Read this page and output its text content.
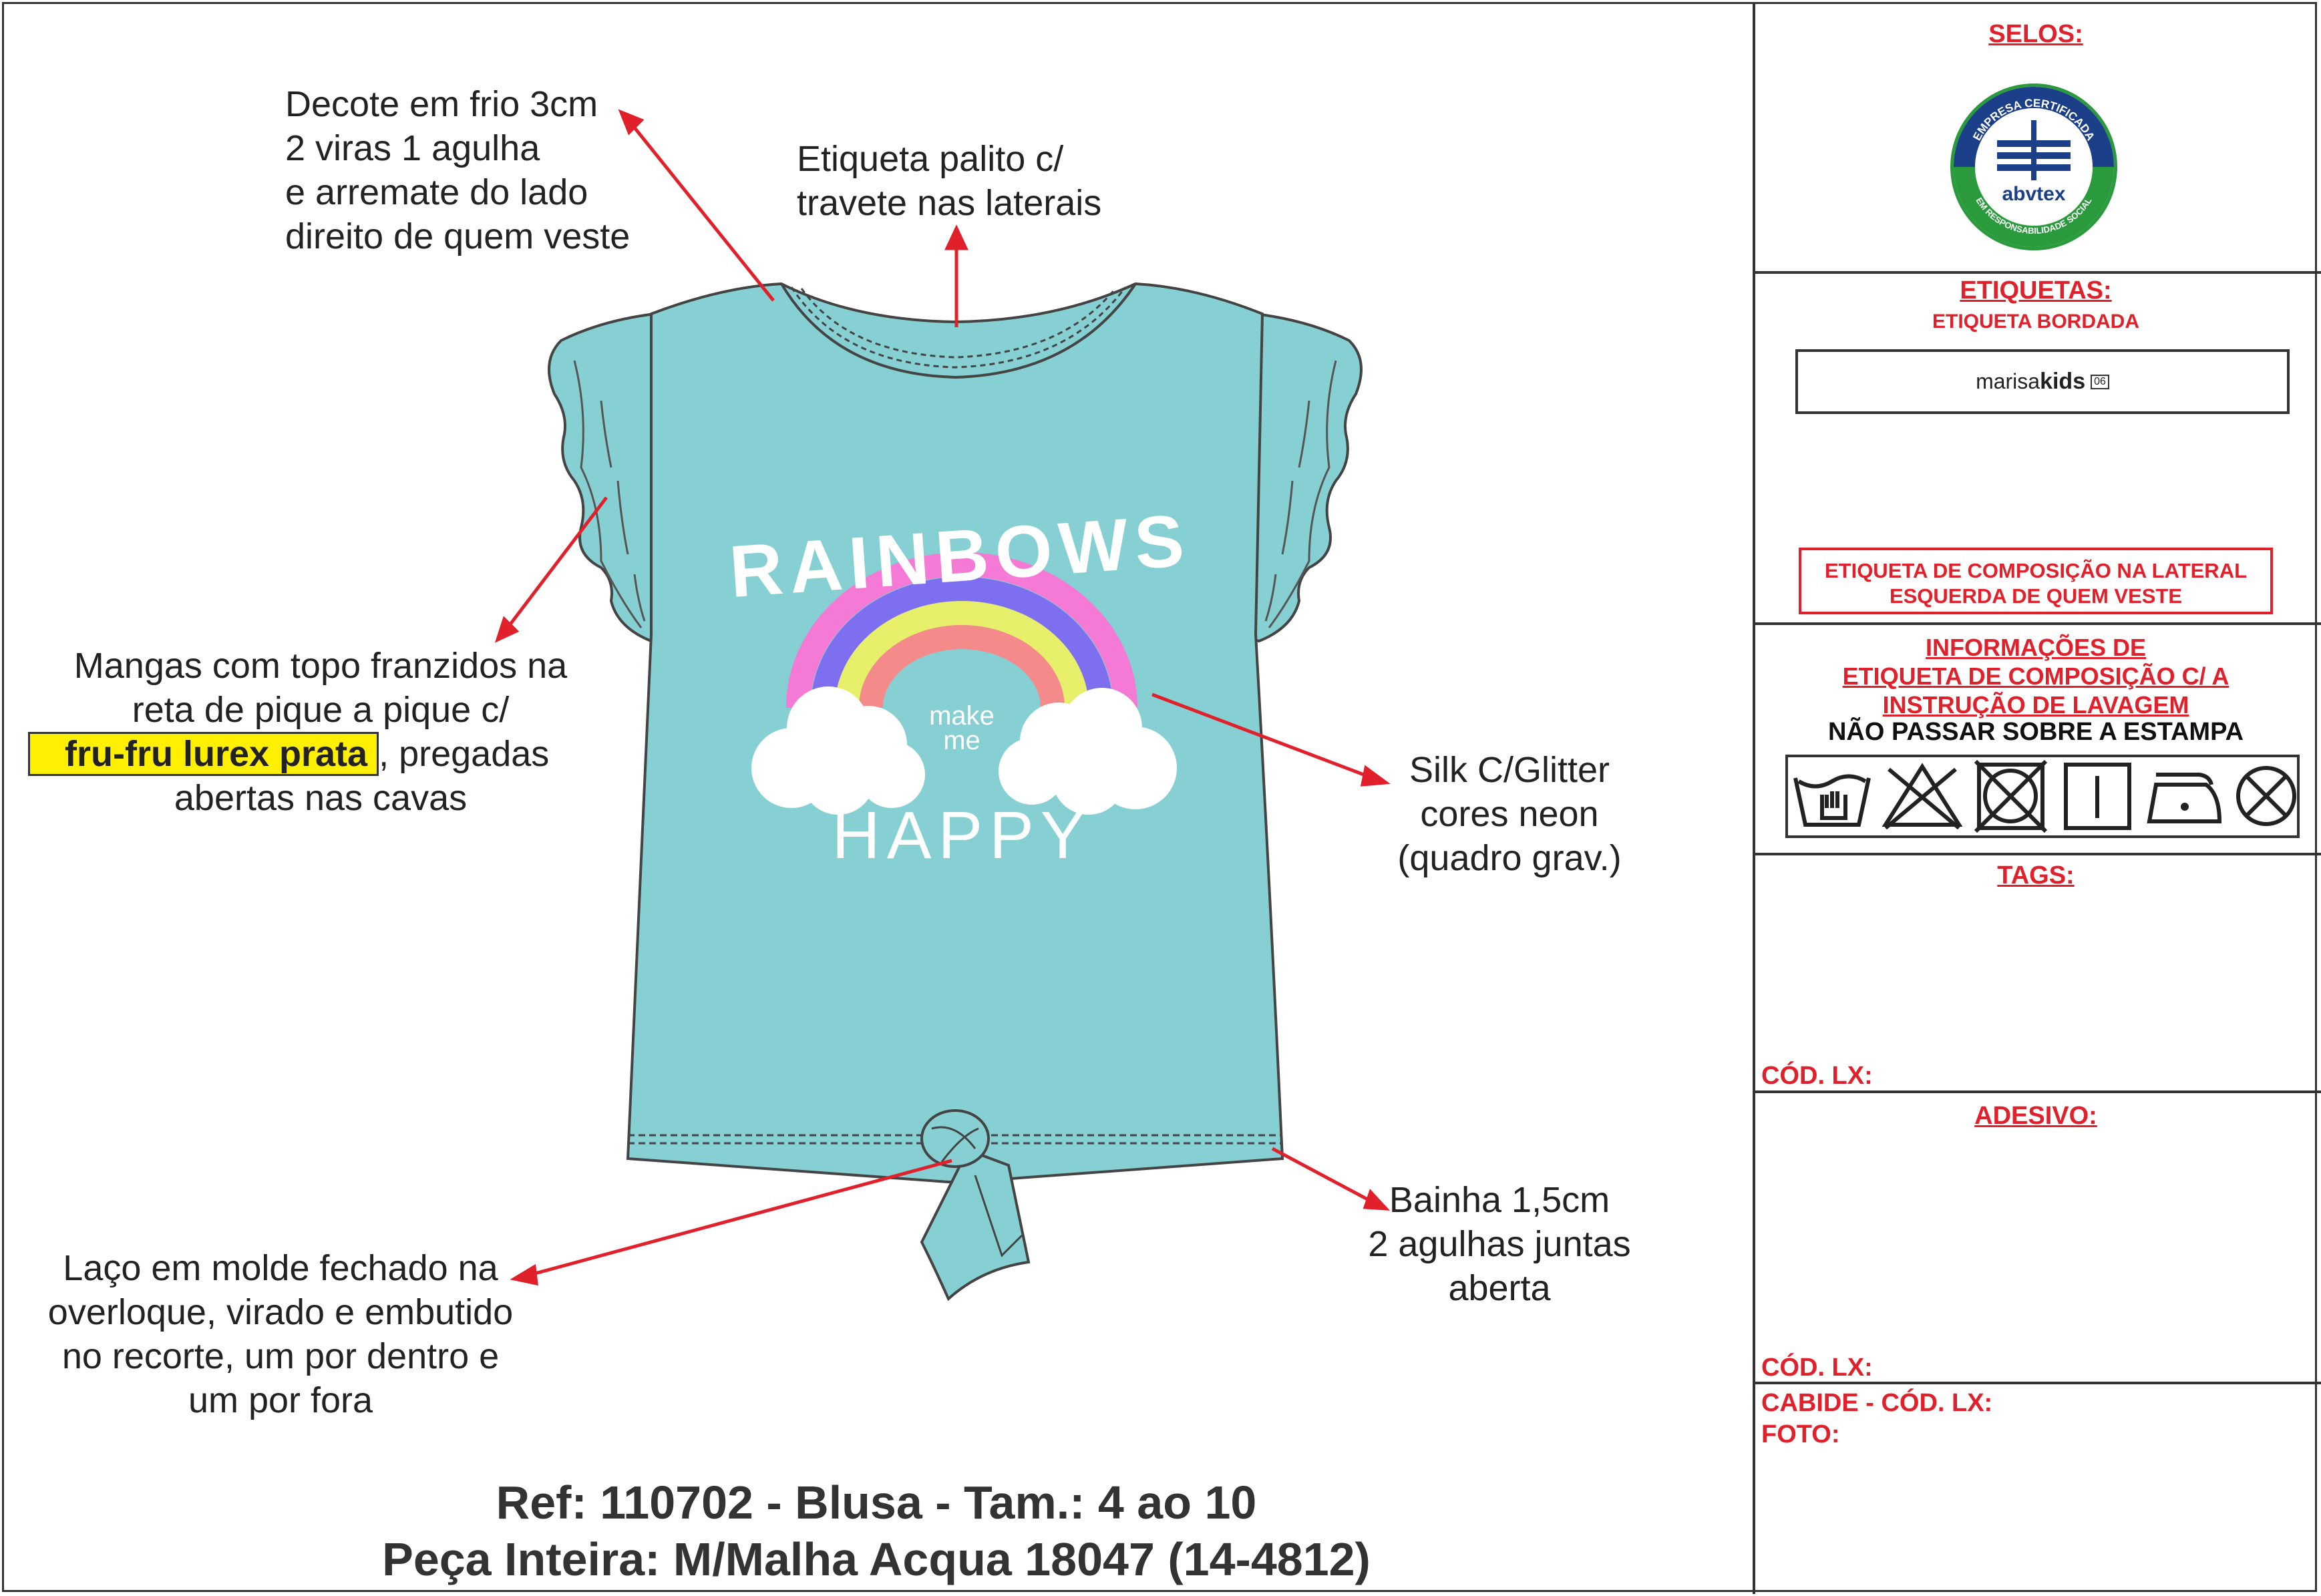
RAINBOWS
make
me
HAPPY
Decote em frio 3cm
2 viras 1 agulha
e arremate do lado
direito de quem veste
Etiqueta palito c/
travete nas laterais
Mangas com topo franzidos na
reta de pique a pique c/
fru-fru lurex prata , pregadas
abertas nas cavas
Silk C/Glitter
cores neon
(quadro grav.)
Bainha 1,5cm
2 agulhas juntas
aberta
Laço em molde fechado na
overloque, virado e embutido
no recorte, um por dentro e
um por fora
Ref: 110702 - Blusa - Tam.: 4 ao 10
Peça Inteira: M/Malha Acqua 18047 (14-4812)
SELOS:
EMPRESA CERTIFICADA
EM RESPONSABILIDADE SOCIAL
abvtex
ETIQUETAS:
ETIQUETA BORDADA
marisa kids 06
ETIQUETA DE COMPOSIÇÃO NA LATERAL
ESQUERDA DE QUEM VESTE
INFORMAÇÕES DE
ETIQUETA DE COMPOSIÇÃO C/ A
INSTRUÇÃO DE LAVAGEM
NÃO PASSAR SOBRE A ESTAMPA
TAGS:
CÓD. LX:
ADESIVO:
CÓD. LX:
CABIDE - CÓD. LX:
FOTO:
